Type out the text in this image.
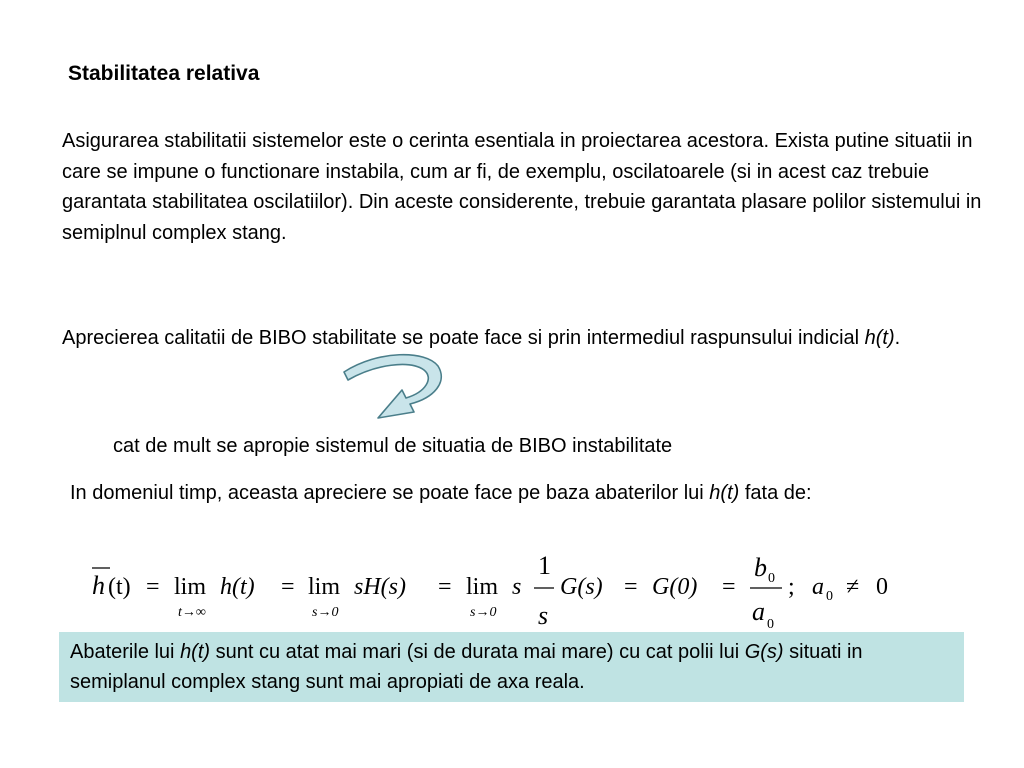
Stabilitatea relativa
Asigurarea stabilitatii sistemelor este o cerinta esentiala in proiectarea acestora. Exista putine situatii in care se impune o functionare instabila, cum ar fi, de exemplu, oscilatoarele (si in acest caz trebuie garantata stabilitatea oscilatiilor). Din aceste considerente, trebuie garantata plasare polilor sistemului in semiplnul complex stang.
Aprecierea calitatii de BIBO stabilitate se poate face si prin intermediul raspunsului indicial h(t).
cat de mult se apropie sistemul de situatia de BIBO instabilitate
In domeniul timp, aceasta apreciere se poate face pe baza abaterilor lui h(t) fata de:
h (t) = lim
t→∞
h(t) = lim
s→0
sH(s) = lim
s→0
s
1
s
G(s) = G(0) =
b 0
a 0
; a 0 ≠ 0
Abaterile lui h(t) sunt cu atat mai mari (si de durata mai mare) cu cat polii lui G(s) situati in semiplanul complex stang sunt mai apropiati de axa reala.
